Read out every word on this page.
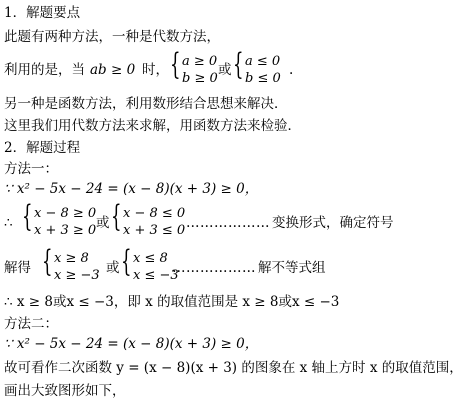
1．解题要点
此题有两种方法，一种是代数方法，
利用的是，当 ab ≥ 0 时， { a ≥ 0
b ≥ 0
或 { a ≤ 0
b ≤ 0
.
另一种是函数方法，利用数形结合思想来解决．
这里我们用代数方法来求解，用函数方法来检验．
2．解题过程
方法一：
∵ x² − 5x − 24 = (x − 8)(x + 3) ≥ 0，
∴ { x − 8 ≥ 0
x + 3 ≥ 0 或 { x − 8 ≤ 0
x + 3 ≤ 0 ……………… 变换形式，确定符号
解得 { x ≥ 8
x ≥ −3 或 { x ≤ 8
x ≤ −3
……………… 解不等式组
∴ x ≥ 8或x ≤ −3，即 x 的取值范围是 x ≥ 8或x ≤ −3
方法二：
∵ x² − 5x − 24 = (x − 8)(x + 3) ≥ 0，
故可看作二次函数 y = (x − 8)(x + 3) 的图象在 x 轴上方时 x 的取值范围，
画出大致图形如下，
